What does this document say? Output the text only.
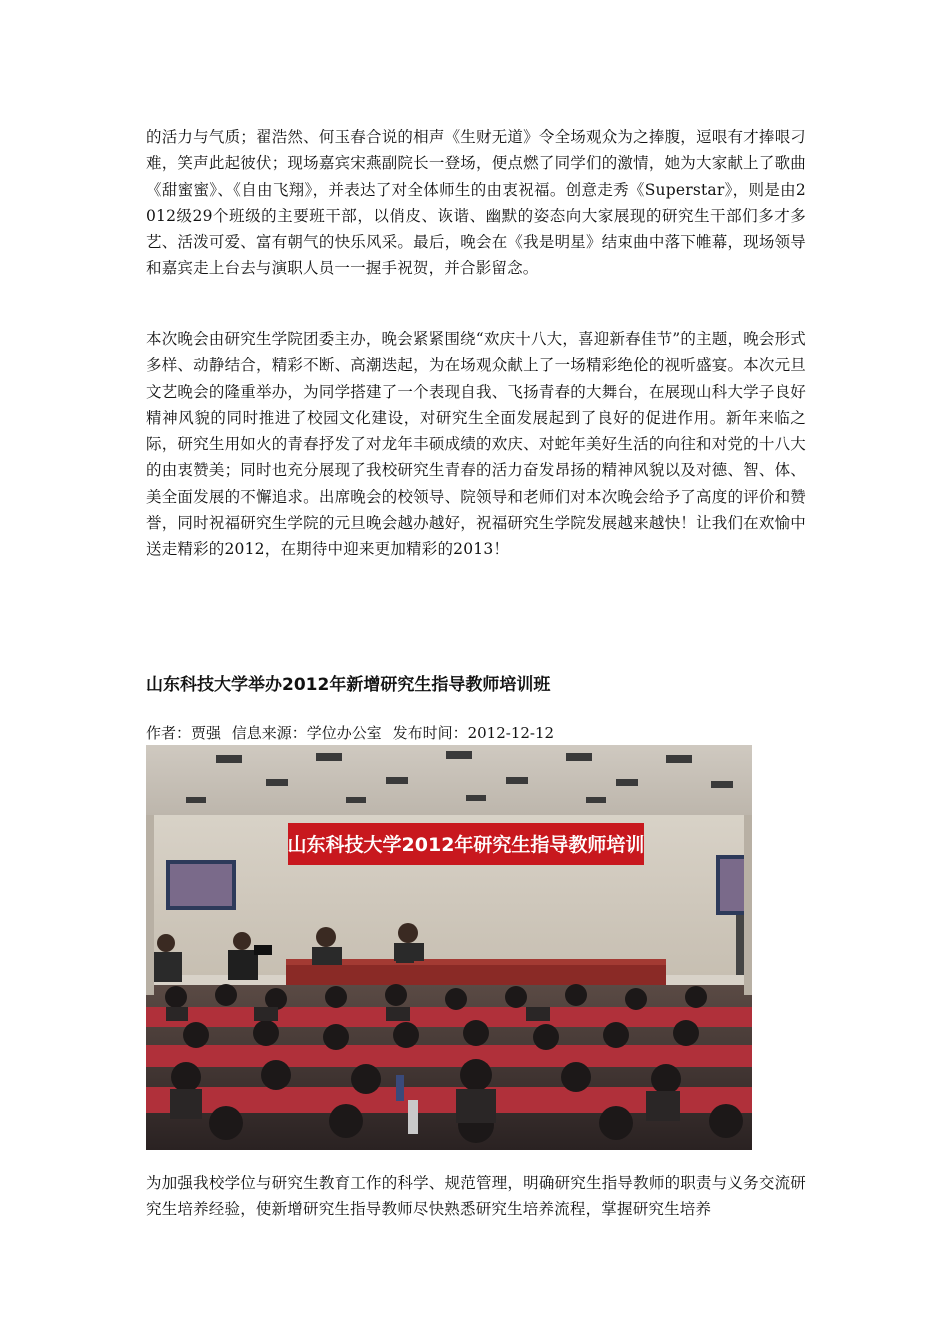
的活力与气质；翟浩然、何玉春合说的相声《生财无道》令全场观众为之捧腹，逗哏有才捧哏刁难，笑声此起彼伏；现场嘉宾宋燕副院长一登场，便点燃了同学们的激情，她为大家献上了歌曲《甜蜜蜜》、《自由飞翔》，并表达了对全体师生的由衷祝福。创意走秀《Superstar》，则是由2012级29个班级的主要班干部，以俏皮、诙谐、幽默的姿态向大家展现的研究生干部们多才多艺、活泼可爱、富有朝气的快乐风采。最后，晚会在《我是明星》结束曲中落下帷幕，现场领导和嘉宾走上台去与演职人员一一握手祝贺，并合影留念。

本次晚会由研究生学院团委主办，晚会紧紧围绕“欢庆十八大，喜迎新春佳节”的主题，晚会形式多样、动静结合，精彩不断、高潮迭起，为在场观众献上了一场精彩绝伦的视听盛宴。本次元旦文艺晚会的隆重举办，为同学搭建了一个表现自我、飞扬青春的大舞台，在展现山科大学子良好精神风貌的同时推进了校园文化建设，对研究生全面发展起到了良好的促进作用。新年来临之际，研究生用如火的青春抒发了对龙年丰硕成绩的欢庆、对蛇年美好生活的向往和对党的十八大的由衷赞美；同时也充分展现了我校研究生青春的活力奋发昂扬的精神风貌以及对德、智、体、美全面发展的不懈追求。出席晚会的校领导、院领导和老师们对本次晚会给予了高度的评价和赞誉，同时祝福研究生学院的元旦晚会越办越好，祝福研究生学院发展越来越快！让我们在欢愉中送走精彩的2012，在期待中迎来更加精彩的2013！

山东科技大学举办2012年新增研究生指导教师培训班

作者：贾强 信息来源：学位办公室 发布时间：2012-12-12

山东科技大学2012年研究生指导教师培训

为加强我校学位与研究生教育工作的科学、规范管理，明确研究生指导教师的职责与义务交流研究生培养经验，使新增研究生指导教师尽快熟悉研究生培养流程，掌握研究生培养
